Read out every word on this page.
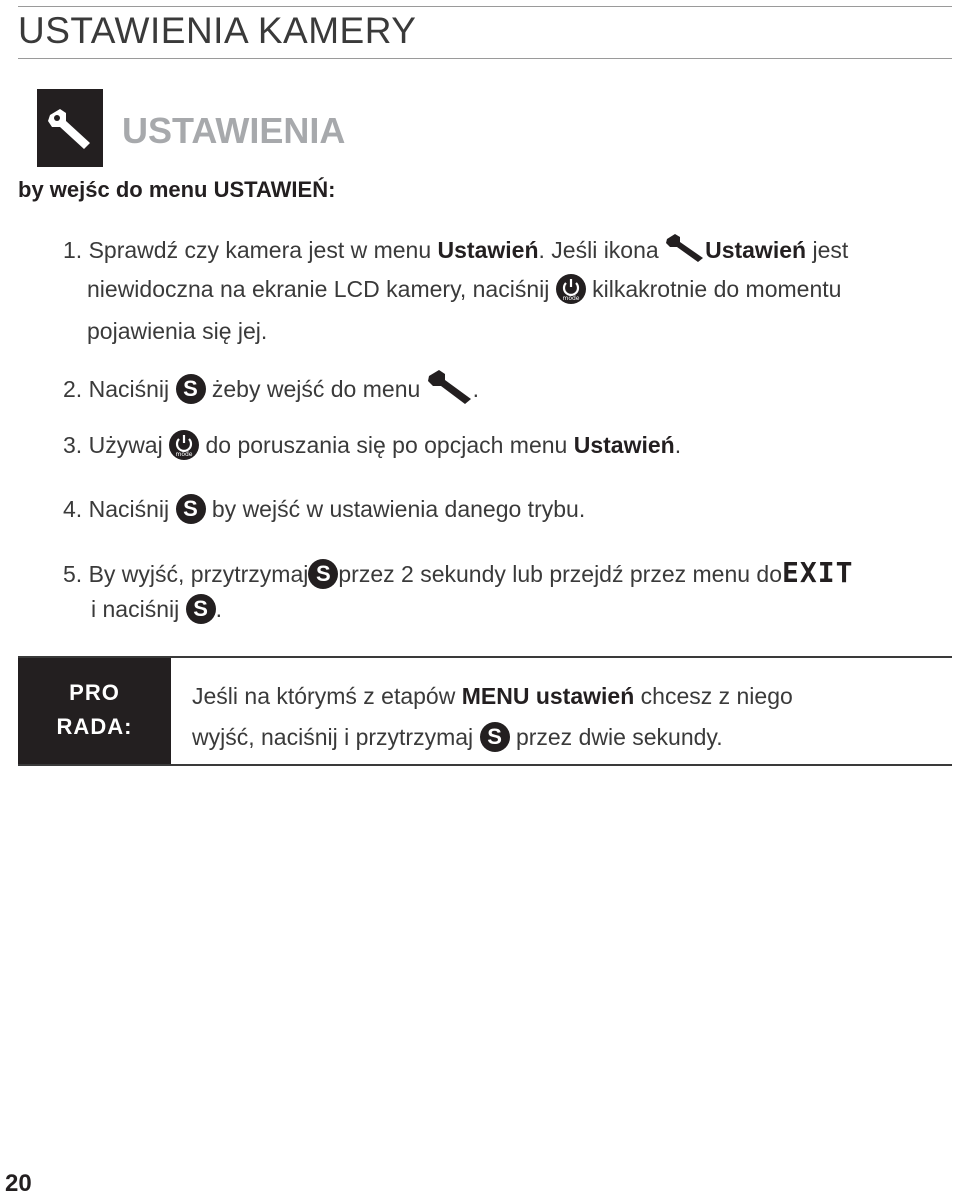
USTAWIENIA KAMERY
USTAWIENIA
by wejśc do menu USTAWIEŃ:
1. Sprawdź czy kamera jest w menu Ustawień. Jeśli ikona Ustawień jest
niewidoczna na ekranie LCD kamery, naciśnij mode kilkakrotnie do momentu
pojawienia się jej.
2. Naciśnij S żeby wejść do menu .
3. Używaj mode do poruszania się po opcjach menu Ustawień.
4. Naciśnij S by wejść w ustawienia danego trybu.
5. By wyjść, przytrzymaj S przez 2 sekundy lub przejdź przez menu doEXIT
i naciśnij S .
PRO
RADA:
Jeśli na którymś z etapów MENU ustawień chcesz z niego
wyjść, naciśnij i przytrzymaj S przez dwie sekundy.
20
